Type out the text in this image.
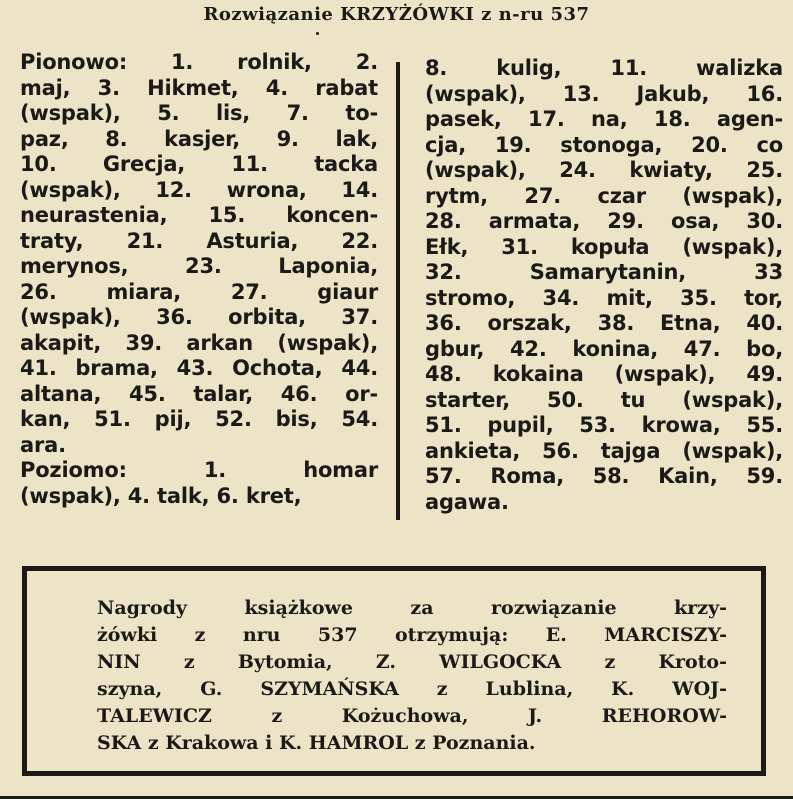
Rozwiązanie KRZYŻÓWKI z n-ru 537
Pionowo: 1. rolnik, 2.
maj, 3. Hikmet, 4. rabat
(wspak), 5. lis, 7. to-
paz, 8. kasjer, 9. lak,
10. Grecja, 11. tacka
(wspak), 12. wrona, 14.
neurastenia, 15. koncen-
traty, 21. Asturia, 22.
merynos, 23. Laponia,
26. miara, 27. giaur
(wspak), 36. orbita, 37.
akapit, 39. arkan (wspak),
41. brama, 43. Ochota, 44.
altana, 45. talar, 46. or-
kan, 51. pij, 52. bis, 54.
ara.
Poziomo: 1. homar
(wspak), 4. talk, 6. kret,
8. kulig, 11. walizka
(wspak), 13. Jakub, 16.
pasek, 17. na, 18. agen-
cja, 19. stonoga, 20. co
(wspak), 24. kwiaty, 25.
rytm, 27. czar (wspak),
28. armata, 29. osa, 30.
Ełk, 31. kopuła (wspak),
32. Samarytanin, 33
stromo, 34. mit, 35. tor,
36. orszak, 38. Etna, 40.
gbur, 42. konina, 47. bo,
48. kokaina (wspak), 49.
starter, 50. tu (wspak),
51. pupil, 53. krowa, 55.
ankieta, 56. tajga (wspak),
57. Roma, 58. Kain, 59.
agawa.
Nagrody książkowe za rozwiązanie krzy-
żówki z nru 537 otrzymują: E. MARCISZY-
NIN z Bytomia, Z. WILGOCKA z Kroto-
szyna, G. SZYMAŃSKA z Lublina, K. WOJ-
TALEWICZ z Kożuchowa, J. REHOROW-
SKA z Krakowa i K. HAMROL z Poznania.
